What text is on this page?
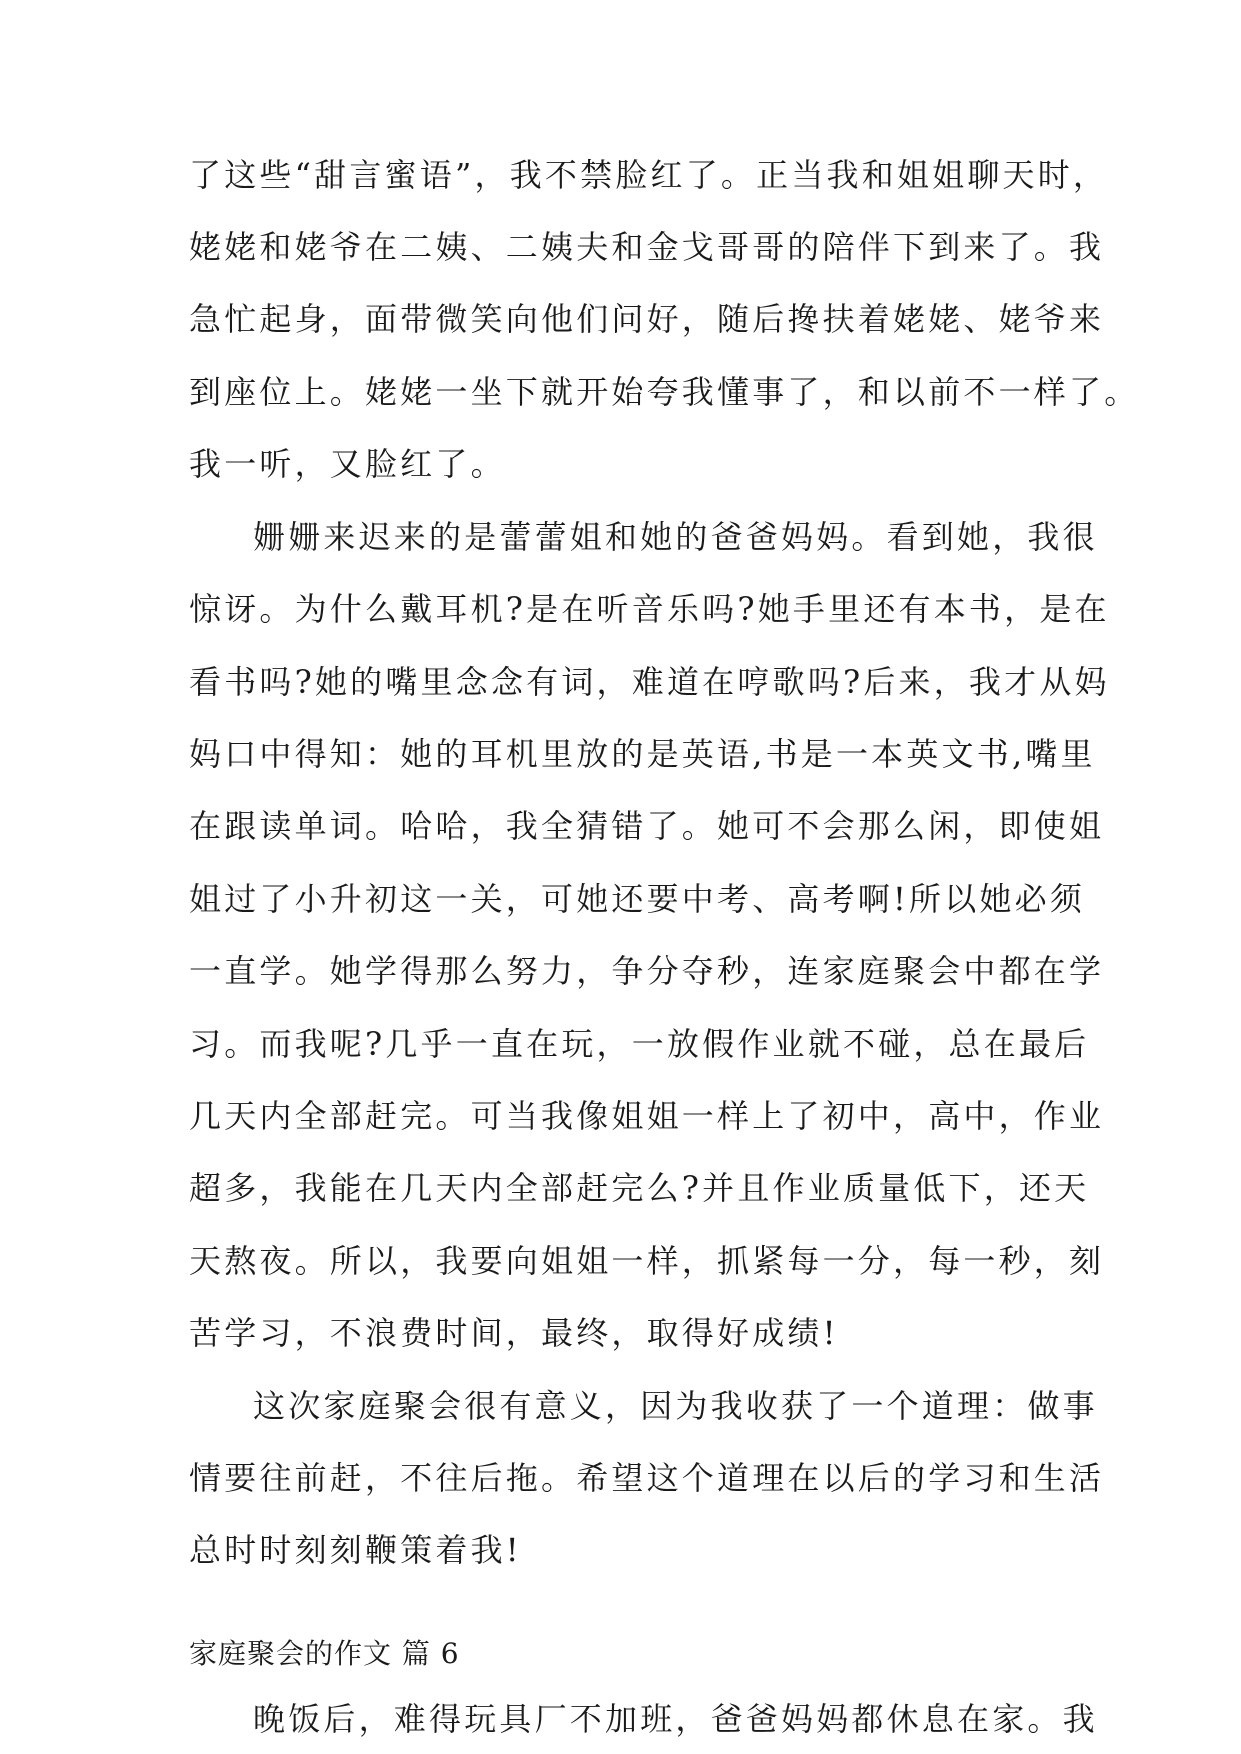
了这些“甜言蜜语”，我不禁脸红了。正当我和姐姐聊天时，
姥姥和姥爷在二姨、二姨夫和金戈哥哥的陪伴下到来了。我
急忙起身，面带微笑向他们问好，随后搀扶着姥姥、姥爷来
到座位上。姥姥一坐下就开始夸我懂事了，和以前不一样了。
我一听，又脸红了。
姗姗来迟来的是蕾蕾姐和她的爸爸妈妈。看到她，我很
惊讶。为什么戴耳机?是在听音乐吗?她手里还有本书，是在
看书吗?她的嘴里念念有词，难道在哼歌吗?后来，我才从妈
妈口中得知：她的耳机里放的是英语,书是一本英文书,嘴里
在跟读单词。哈哈，我全猜错了。她可不会那么闲，即使姐
姐过了小升初这一关，可她还要中考、高考啊!所以她必须
一直学。她学得那么努力，争分夺秒，连家庭聚会中都在学
习。而我呢?几乎一直在玩，一放假作业就不碰，总在最后
几天内全部赶完。可当我像姐姐一样上了初中，高中，作业
超多，我能在几天内全部赶完么?并且作业质量低下，还天
天熬夜。所以，我要向姐姐一样，抓紧每一分，每一秒，刻
苦学习，不浪费时间，最终，取得好成绩!
这次家庭聚会很有意义，因为我收获了一个道理：做事
情要往前赶，不往后拖。希望这个道理在以后的学习和生活
总时时刻刻鞭策着我!
家庭聚会的作文 篇 6
晚饭后，难得玩具厂不加班，爸爸妈妈都休息在家。我
